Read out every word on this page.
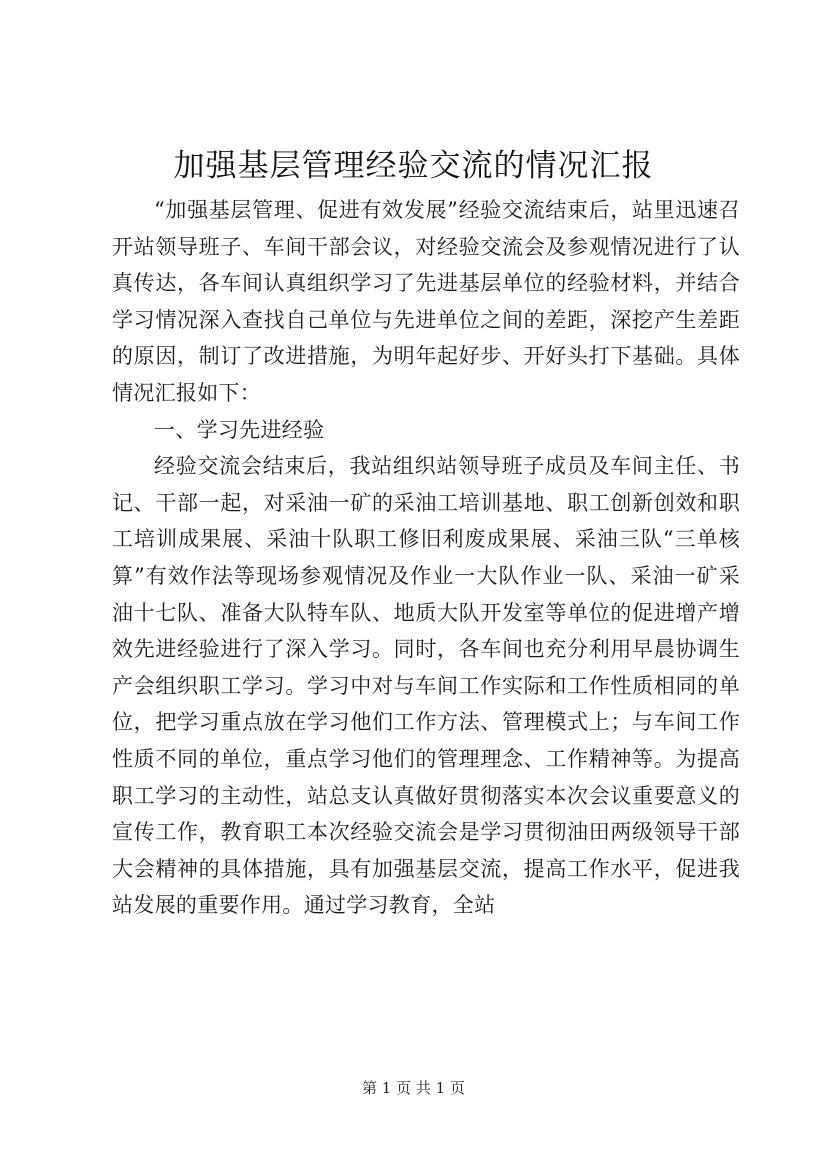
加强基层管理经验交流的情况汇报

“加强基层管理、促进有效发展”经验交流结束后，站里迅速召开站领导班子、车间干部会议，对经验交流会及参观情况进行了认真传达，各车间认真组织学习了先进基层单位的经验材料，并结合学习情况深入查找自己单位与先进单位之间的差距，深挖产生差距的原因，制订了改进措施，为明年起好步、开好头打下基础。具体情况汇报如下：

一、学习先进经验

经验交流会结束后，我站组织站领导班子成员及车间主任、书记、干部一起，对采油一矿的采油工培训基地、职工创新创效和职工培训成果展、采油十队职工修旧利废成果展、采油三队“三单核算”有效作法等现场参观情况及作业一大队作业一队、采油一矿采油十七队、准备大队特车队、地质大队开发室等单位的促进增产增效先进经验进行了深入学习。同时，各车间也充分利用早晨协调生产会组织职工学习。学习中对与车间工作实际和工作性质相同的单位，把学习重点放在学习他们工作方法、管理模式上；与车间工作性质不同的单位，重点学习他们的管理理念、工作精神等。为提高职工学习的主动性，站总支认真做好贯彻落实本次会议重要意义的宣传工作，教育职工本次经验交流会是学习贯彻油田两级领导干部大会精神的具体措施，具有加强基层交流，提高工作水平，促进我站发展的重要作用。通过学习教育，全站

第 1 页 共 1 页
